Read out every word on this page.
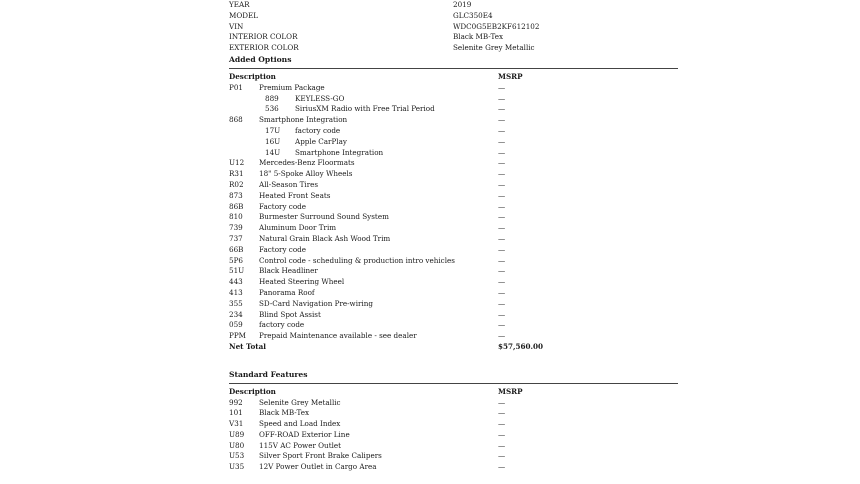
YEAR	2019
MODEL	GLC350E4
VIN	WDC0G5EB2KF612102
INTERIOR COLOR	Black MB-Tex
EXTERIOR COLOR	Selenite Grey Metallic
Added Options
Description	MSRP
P01 Premium Package	—
889 KEYLESS-GO	—
536 SiriusXM Radio with Free Trial Period	—
868 Smartphone Integration	—
17U factory code	—
16U Apple CarPlay	—
14U Smartphone Integration	—
U12 Mercedes-Benz Floormats	—
R31 18" 5-Spoke Alloy Wheels	—
R02 All-Season Tires	—
873 Heated Front Seats	—
86B Factory code	—
810 Burmester Surround Sound System	—
739 Aluminum Door Trim	—
737 Natural Grain Black Ash Wood Trim	—
66B Factory code	—
5P6 Control code - scheduling & production intro vehicles	—
51U Black Headliner	—
443 Heated Steering Wheel	—
413 Panorama Roof	—
355 SD-Card Navigation Pre-wiring	—
234 Blind Spot Assist	—
059 factory code	—
PPM Prepaid Maintenance available - see dealer	—
Net Total	$57,560.00
Standard Features
Description	MSRP
992 Selenite Grey Metallic	—
101 Black MB-Tex	—
V31 Speed and Load Index	—
U89 OFF-ROAD Exterior Line	—
U80 115V AC Power Outlet	—
U53 Silver Sport Front Brake Calipers	—
U35 12V Power Outlet in Cargo Area	—
